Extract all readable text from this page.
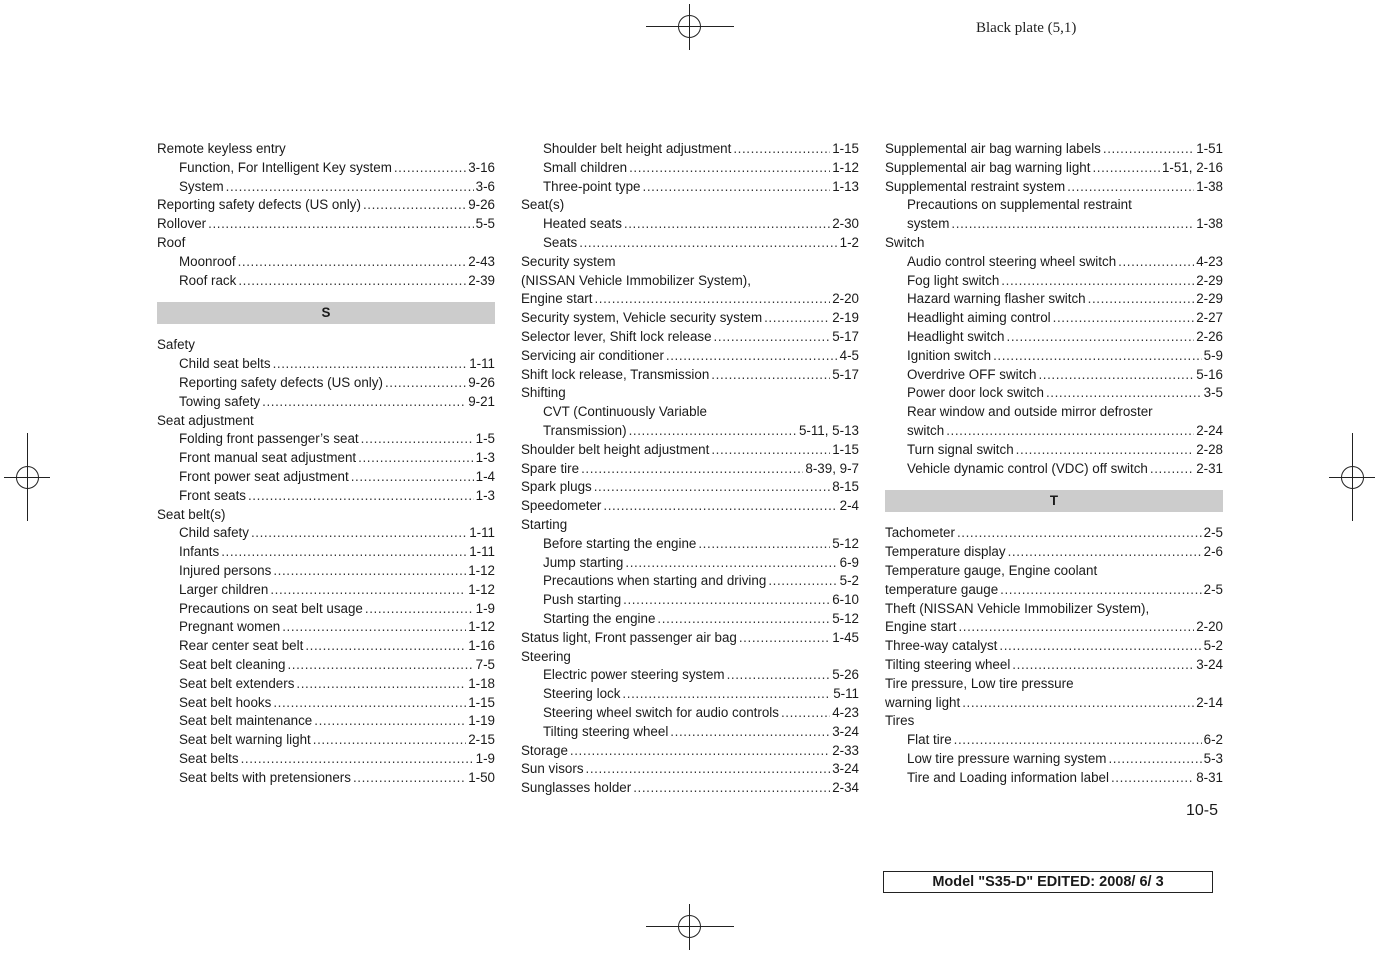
Black plate (5,1)
Remote keyless entry
Function, For Intelligent Key system .....	3-16
System .....	3-6
Reporting safety defects (US only) .....	9-26
Rollover .....	5-5
Roof
Moonroof .....	2-43
Roof rack .....	2-39
S
Safety
Child seat belts .....	1-11
Reporting safety defects (US only) .....	9-26
Towing safety .....	9-21
Seat adjustment
Folding front passenger’s seat .....	1-5
Front manual seat adjustment .....	1-3
Front power seat adjustment .....	1-4
Front seats .....	1-3
Seat belt(s)
Child safety .....	1-11
Infants .....	1-11
Injured persons .....	1-12
Larger children .....	1-12
Precautions on seat belt usage .....	1-9
Pregnant women .....	1-12
Rear center seat belt .....	1-16
Seat belt cleaning .....	7-5
Seat belt extenders .....	1-18
Seat belt hooks .....	1-15
Seat belt maintenance .....	1-19
Seat belt warning light .....	2-15
Seat belts .....	1-9
Seat belts with pretensioners .....	1-50
Shoulder belt height adjustment .....	1-15
Small children .....	1-12
Three-point type .....	1-13
Seat(s)
Heated seats .....	2-30
Seats .....	1-2
Security system
(NISSAN Vehicle Immobilizer System),
Engine start .....	2-20
Security system, Vehicle security system .....	2-19
Selector lever, Shift lock release .....	5-17
Servicing air conditioner .....	4-5
Shift lock release, Transmission .....	5-17
Shifting
CVT (Continuously Variable
Transmission) .....	5-11, 5-13
Shoulder belt height adjustment .....	1-15
Spare tire .....	8-39, 9-7
Spark plugs .....	8-15
Speedometer .....	2-4
Starting
Before starting the engine .....	5-12
Jump starting .....	6-9
Precautions when starting and driving .....	5-2
Push starting .....	6-10
Starting the engine .....	5-12
Status light, Front passenger air bag .....	1-45
Steering
Electric power steering system .....	5-26
Steering lock .....	5-11
Steering wheel switch for audio controls .....	4-23
Tilting steering wheel .....	3-24
Storage .....	2-33
Sun visors .....	3-24
Sunglasses holder .....	2-34
Supplemental air bag warning labels .....	1-51
Supplemental air bag warning light .....	1-51, 2-16
Supplemental restraint system .....	1-38
Precautions on supplemental restraint
system .....	1-38
Switch
Audio control steering wheel switch .....	4-23
Fog light switch .....	2-29
Hazard warning flasher switch .....	2-29
Headlight aiming control .....	2-27
Headlight switch .....	2-26
Ignition switch .....	5-9
Overdrive OFF switch .....	5-16
Power door lock switch .....	3-5
Rear window and outside mirror defroster
switch .....	2-24
Turn signal switch .....	2-28
Vehicle dynamic control (VDC) off switch .....	2-31
T
Tachometer .....	2-5
Temperature display .....	2-6
Temperature gauge, Engine coolant
temperature gauge .....	2-5
Theft (NISSAN Vehicle Immobilizer System),
Engine start .....	2-20
Three-way catalyst .....	5-2
Tilting steering wheel .....	3-24
Tire pressure, Low tire pressure
warning light .....	2-14
Tires
Flat tire .....	6-2
Low tire pressure warning system .....	5-3
Tire and Loading information label .....	8-31
10-5
Model "S35-D" EDITED: 2008/ 6/ 3
